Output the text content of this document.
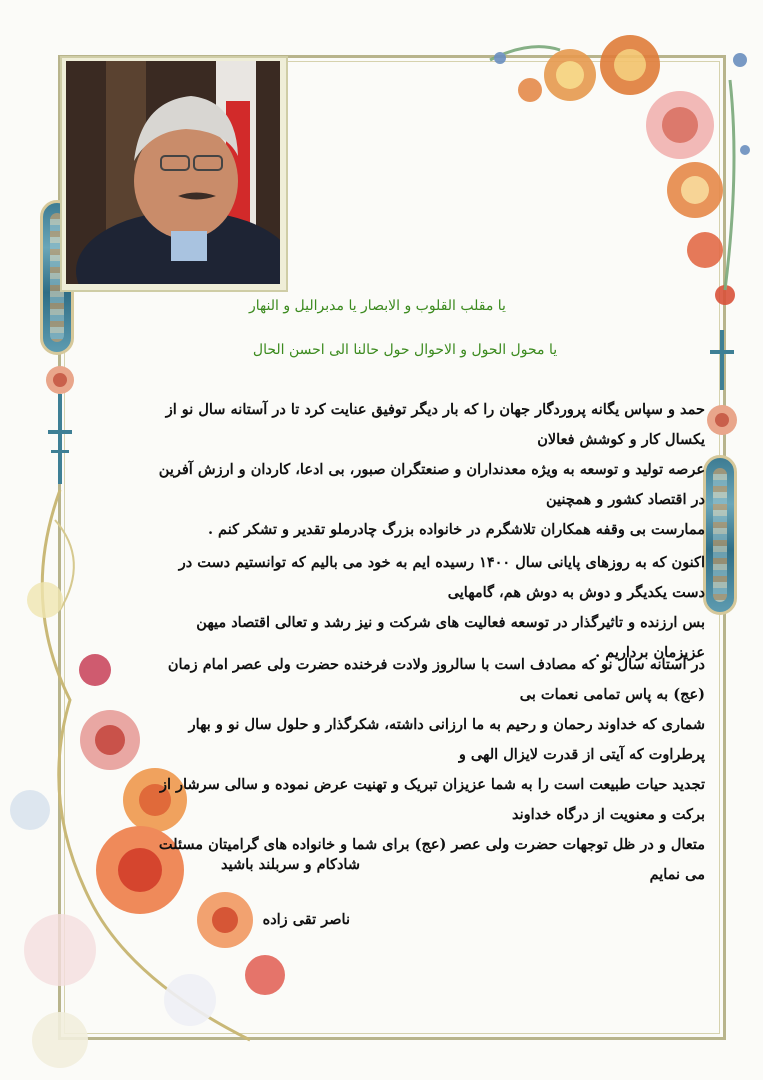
یا مقلب القلوب و الابصار یا مدبرالیل و النهار
یا محول الحول و الاحوال حول حالنا الی احسن الحال
حمد و سپاس یگانه پروردگار جهان را که بار دیگر توفیق عنایت کرد تا در آستانه سال نو از یکسال کار و کوشش فعالان
عرصه تولید و توسعه به ویژه معدنداران و صنعتگران صبور، بی ادعا، کاردان و ارزش آفرین در اقتصاد کشور و همچنین
ممارست بی وقفه همکاران تلاشگرم در خانواده بزرگ چادرملو تقدیر و تشکر کنم .
اکنون که به روزهای پایانی سال ۱۴۰۰ رسیده ایم به خود می بالیم که توانستیم دست در دست یکدیگر و دوش به دوش هم، گامهایی
بس ارزنده و تاثیرگذار در توسعه فعالیت های شرکت و نیز رشد و تعالی اقتصاد میهن عزیزمان برداریم .
در آستانه سال نو که مصادف است با سالروز ولادت فرخنده حضرت ولی عصر امام زمان (عج) به پاس تمامی نعمات بی
شماری که خداوند رحمان و رحیم به ما ارزانی داشته، شکرگذار و حلول سال نو و بهار پرطراوت که آیتی از قدرت لایزال الهی و
تجدید حیات طبیعت است را به شما عزیزان تبریک و تهنیت عرض نموده و سالی سرشار از برکت و معنویت از درگاه خداوند
متعال و در ظل توجهات حضرت ولی عصر (عج) برای شما و خانواده های گرامیتان مسئلت می نمایم
شادکام و سربلند باشید
ناصر تقی زاده
